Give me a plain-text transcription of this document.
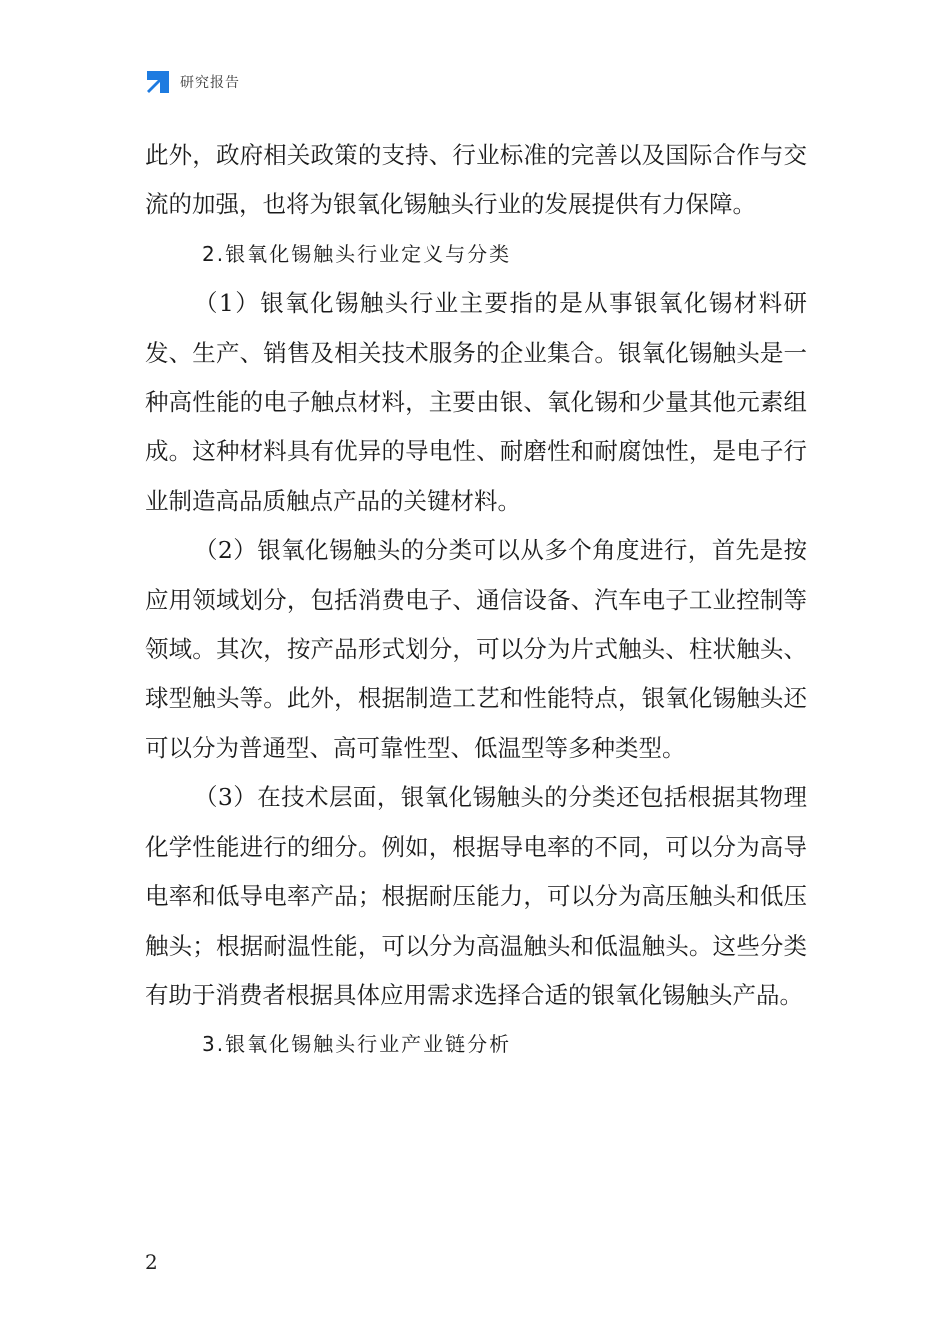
研究报告

此外，政府相关政策的支持、行业标准的完善以及国际合作与交流的加强，也将为银氧化锡触头行业的发展提供有力保障。

2.银氧化锡触头行业定义与分类

（1）银氧化锡触头行业主要指的是从事银氧化锡材料研发、生产、销售及相关技术服务的企业集合。银氧化锡触头是一种高性能的电子触点材料，主要由银、氧化锡和少量其他元素组成。这种材料具有优异的导电性、耐磨性和耐腐蚀性，是电子行业制造高品质触点产品的关键材料。

（2）银氧化锡触头的分类可以从多个角度进行，首先是按应用领域划分，包括消费电子、通信设备、汽车电子工业控制等领域。其次，按产品形式划分，可以分为片式触头、柱状触头、球型触头等。此外，根据制造工艺和性能特点，银氧化锡触头还可以分为普通型、高可靠性型、低温型等多种类型。

（3）在技术层面，银氧化锡触头的分类还包括根据其物理化学性能进行的细分。例如，根据导电率的不同，可以分为高导电率和低导电率产品；根据耐压能力，可以分为高压触头和低压触头；根据耐温性能，可以分为高温触头和低温触头。这些分类有助于消费者根据具体应用需求选择合适的银氧化锡触头产品。

3.银氧化锡触头行业产业链分析

2
